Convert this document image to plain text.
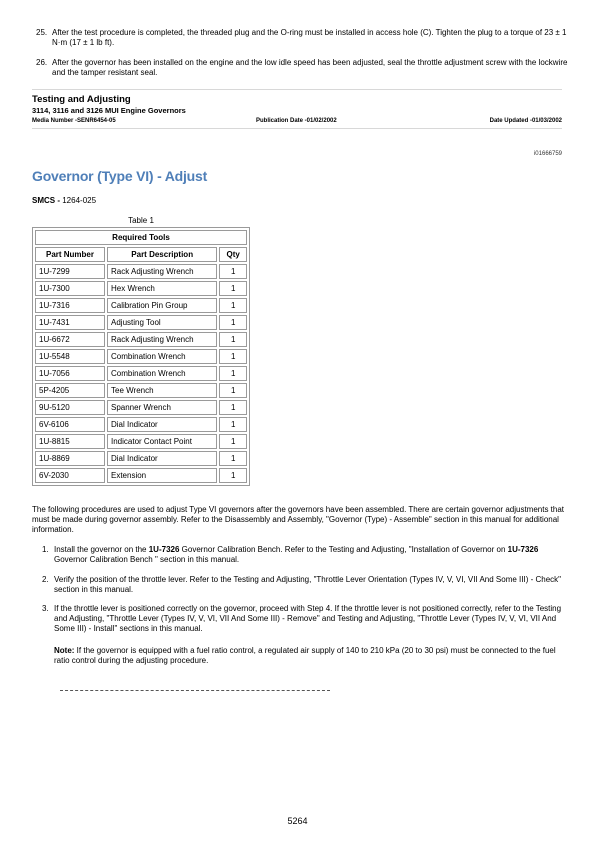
25. After the test procedure is completed, the threaded plug and the O-ring must be installed in access hole (C). Tighten the plug to a torque of 23 ± 1 N·m (17 ± 1 lb ft).
26. After the governor has been installed on the engine and the low idle speed has been adjusted, seal the throttle adjustment screw with the lockwire and the tamper resistant seal.
Testing and Adjusting
3114, 3116 and 3126 MUI Engine Governors
Media Number -SENR6454-05	Publication Date -01/02/2002	Date Updated -01/03/2002
i01666759
Governor (Type VI) - Adjust
SMCS - 1264-025
Table 1
Required Tools		
Part Number	Part Description	Qty
1U-7299	Rack Adjusting Wrench	1
1U-7300	Hex Wrench	1
1U-7316	Calibration Pin Group	1
1U-7431	Adjusting Tool	1
1U-6672	Rack Adjusting Wrench	1
1U-5548	Combination Wrench	1
1U-7056	Combination Wrench	1
5P-4205	Tee Wrench	1
9U-5120	Spanner Wrench	1
6V-6106	Dial Indicator	1
1U-8815	Indicator Contact Point	1
1U-8869	Dial Indicator	1
6V-2030	Extension	1
The following procedures are used to adjust Type VI governors after the governors have been assembled. There are certain governor adjustments that must be made during governor assembly. Refer to the Disassembly and Assembly, "Governor (Type) - Assemble" section in this manual for additional information.
1. Install the governor on the 1U-7326 Governor Calibration Bench. Refer to the Testing and Adjusting, "Installation of Governor on 1U-7326 Governor Calibration Bench " section in this manual.
2. Verify the position of the throttle lever. Refer to the Testing and Adjusting, "Throttle Lever Orientation (Types IV, V, VI, VII And Some III) - Check" section in this manual.
3. If the throttle lever is positioned correctly on the governor, proceed with Step 4. If the throttle lever is not positioned correctly, refer to the Testing and Adjusting, "Throttle Lever (Types IV, V, VI, VII And Some III) - Remove" and Testing and Adjusting, "Throttle Lever (Types IV, V, VI, VII And Some III) - Install" sections in this manual.
Note: If the governor is equipped with a fuel ratio control, a regulated air supply of 140 to 210 kPa (20 to 30 psi) must be connected to the fuel ratio control during the adjusting procedure.
5264
